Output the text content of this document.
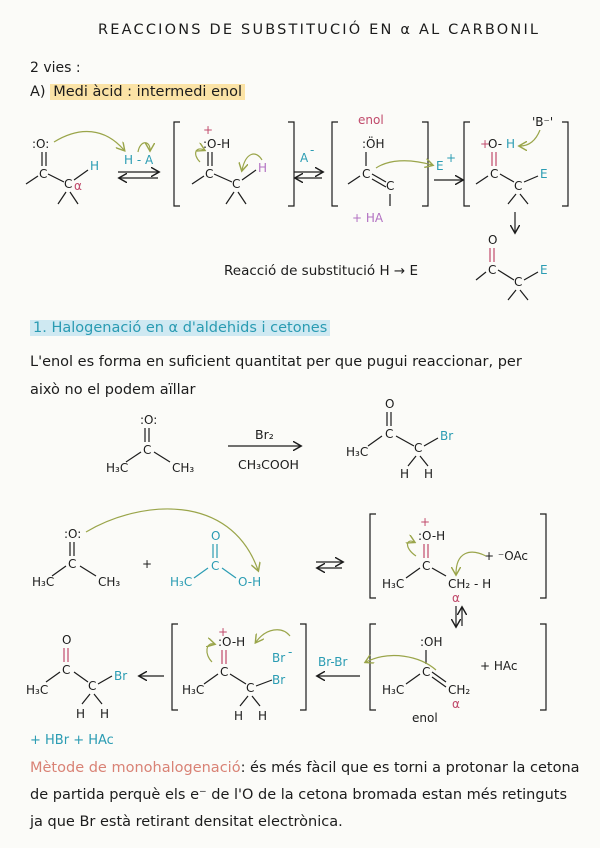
REACCIONS DE SUBSTITUCIÓ EN α AL CARBONIL
2 vies :
A) Medi àcid : intermedi enol
Reacció de substitució H → E
1. Halogenació en α d'aldehids i cetones
L'enol es forma en suficient quantitat per que pugui reaccionar, per
això no el podem aïllar
Br₂
CH₃COOH
+ HBr + HAc
Mètode de monohalogenació: és més fàcil que es torni a protonar la cetona
de partida perquè els e⁻ de l'O de la cetona bromada estan més retinguts
ja que Br està retirant densitat electrònica.
:O:
C
C α
H H - A
+
:O-H
C
C
H
A
-	:ÖH
C
C
E
+
+
O- H
C
C
E
O
C
C
E
:O:
C
H₃C	CH₃
O
C
H₃C	C
Br
H H
:O:
C
H₃C	CH₃
+
O
C
H₃C	O-H
+
:O-H
C
H₃C	CH₂ - H
α
+ ⁻OAc
O
C
H₃C	C
Br
H H
+
:O-H
C
H₃C	C
Br
Br -
H H
Br-Br
:OH
C
H₃C	CH₂
α
enol
+ HA
'B⁻'
+ HAc
enol
